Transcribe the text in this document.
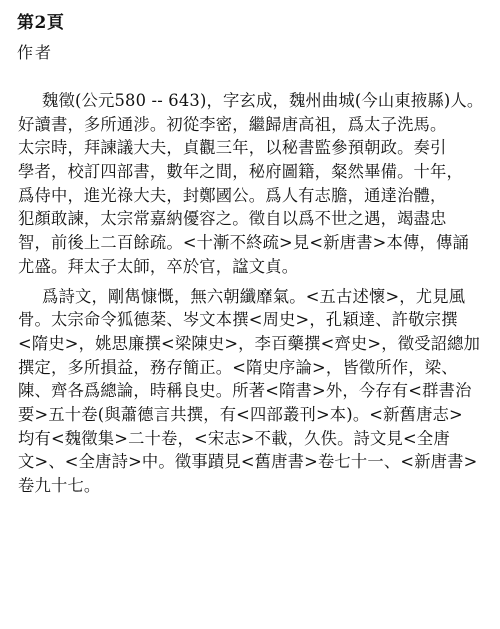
第2頁
作者
魏徵(公元580 -- 643)，字玄成，魏州曲城(今山東掖縣)人。
好讀書，多所通涉。初從李密，繼歸唐高祖，爲太子洗馬。
太宗時，拜諫議大夫，貞觀三年，以秘書監參預朝政。奏引
學者，校訂四部書，數年之間，秘府圖籍，粲然畢備。十年，
爲侍中，進光祿大夫，封鄭國公。爲人有志膽，通達治體，
犯顏敢諫，太宗常嘉納優容之。徵自以爲不世之遇，竭盡忠
智，前後上二百餘疏。<十漸不終疏>見<新唐書>本傳，傳誦
尤盛。拜太子太師，卒於官，諡文貞。
爲詩文，剛雋慷慨，無六朝纖靡氣。<五古述懷>，尤見風
骨。太宗命令狐德棻、岑文本撰<周史>，孔穎達、許敬宗撰
<隋史>，姚思廉撰<梁陳史>，李百藥撰<齊史>，徵受詔總加
撰定，多所損益，務存簡正。<隋史序論>，皆徵所作，梁、
陳、齊各爲總論，時稱良史。所著<隋書>外，今存有<群書治
要>五十卷(與蕭德言共撰，有<四部叢刊>本)。<新舊唐志>
均有<魏徵集>二十卷，<宋志>不載，久佚。詩文見<全唐
文>、<全唐詩>中。徵事蹟見<舊唐書>卷七十一、<新唐書>
卷九十七。
